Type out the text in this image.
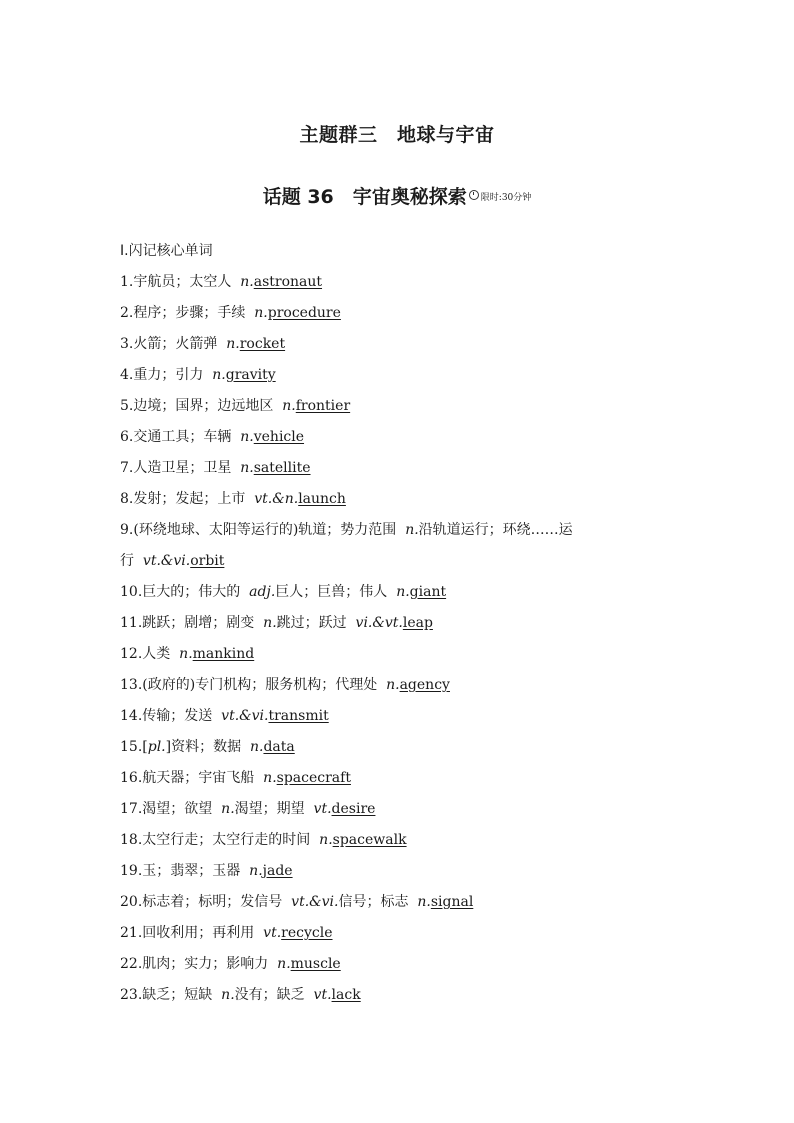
主题群三　地球与宇宙
话题 36　宇宙奥秘探索 限时:30分钟
Ⅰ.闪记核心单词
1.宇航员；太空人 n.astronaut
2.程序；步骤；手续 n.procedure
3.火箭；火箭弹 n.rocket
4.重力；引力 n.gravity
5.边境；国界；边远地区 n.frontier
6.交通工具；车辆 n.vehicle
7.人造卫星；卫星 n.satellite
8.发射；发起；上市 vt.&n.launch
9.(环绕地球、太阳等运行的)轨道；势力范围 n.沿轨道运行；环绕……运行 vt.&vi.orbit
10.巨大的；伟大的 adj.巨人；巨兽；伟人 n.giant
11.跳跃；剧增；剧变 n.跳过；跃过 vi.&vt.leap
12.人类 n.mankind
13.(政府的)专门机构；服务机构；代理处 n.agency
14.传输；发送 vt.&vi.transmit
15.[pl.]资料；数据 n.data
16.航天器；宇宙飞船 n.spacecraft
17.渴望；欲望 n.渴望；期望 vt.desire
18.太空行走；太空行走的时间 n.spacewalk
19.玉；翡翠；玉器 n.jade
20.标志着；标明；发信号 vt.&vi.信号；标志 n.signal
21.回收利用；再利用 vt.recycle
22.肌肉；实力；影响力 n.muscle
23.缺乏；短缺 n.没有；缺乏 vt.lack
